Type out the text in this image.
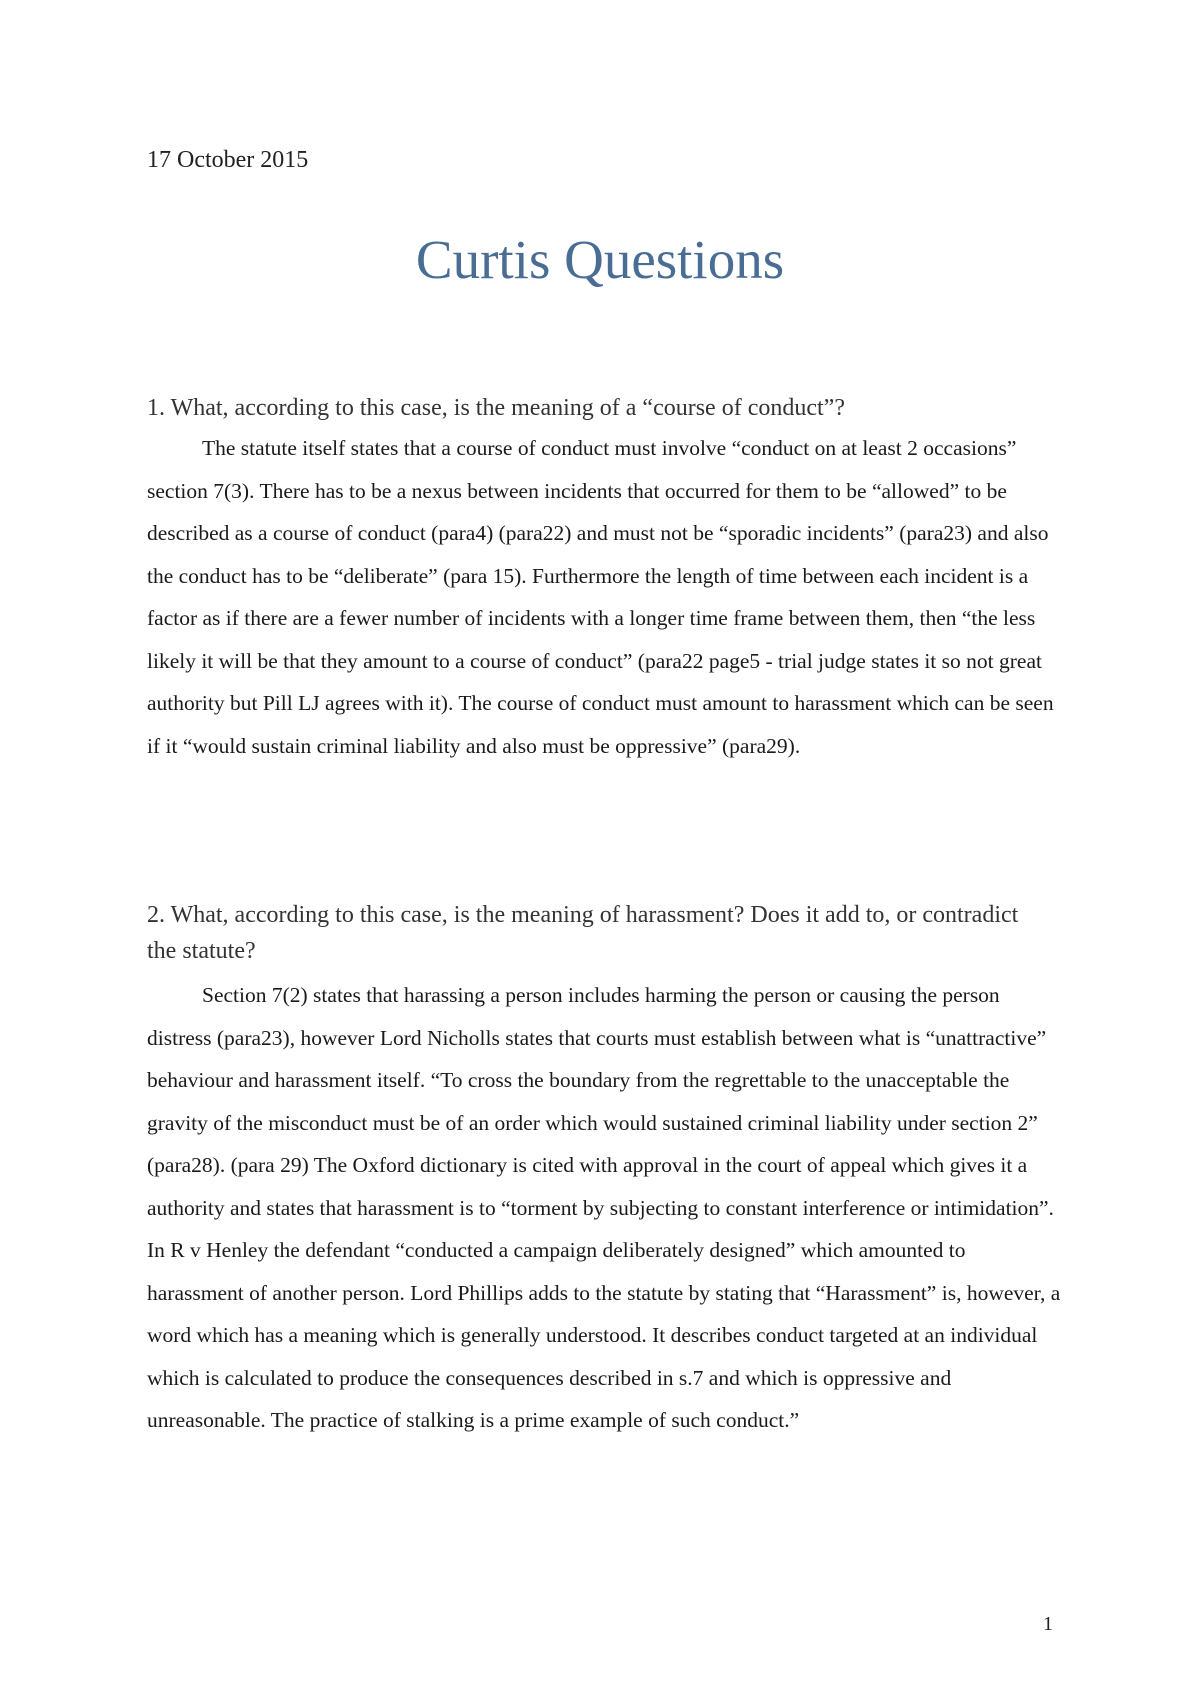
17 October 2015
Curtis Questions
1. What, according to this case, is the meaning of a “course of conduct”?

The statute itself states that a course of conduct must involve “conduct on at least 2 occasions” section 7(3). There has to be a nexus between incidents that occurred for them to be “allowed” to be described as a course of conduct (para4) (para22) and must not be “sporadic incidents” (para23) and also the conduct has to be “deliberate” (para 15). Furthermore the length of time between each incident is a factor as if there are a fewer number of incidents with a longer time frame between them, then “the less likely it will be that they amount to a course of conduct” (para22 page5 - trial judge states it so not great authority but Pill LJ agrees with it). The course of conduct must amount to harassment which can be seen if it “would sustain criminal liability and also must be oppressive” (para29).

2. What, according to this case, is the meaning of harassment? Does it add to, or contradict the statute?

Section 7(2) states that harassing a person includes harming the person or causing the person distress (para23), however Lord Nicholls states that courts must establish between what is “unattractive” behaviour and harassment itself. “To cross the boundary from the regrettable to the unacceptable the gravity of the misconduct must be of an order which would sustained criminal liability under section 2” (para28). (para 29) The Oxford dictionary is cited with approval in the court of appeal which gives it a authority and states that harassment is to “torment by subjecting to constant interference or intimidation”. In R v Henley the defendant “conducted a campaign deliberately designed” which amounted to harassment of another person. Lord Phillips adds to the statute by stating that “Harassment” is, however, a word which has a meaning which is generally understood. It describes conduct targeted at an individual which is calculated to produce the consequences described in s.7 and which is oppressive and unreasonable. The practice of stalking is a prime example of such conduct.”

1
